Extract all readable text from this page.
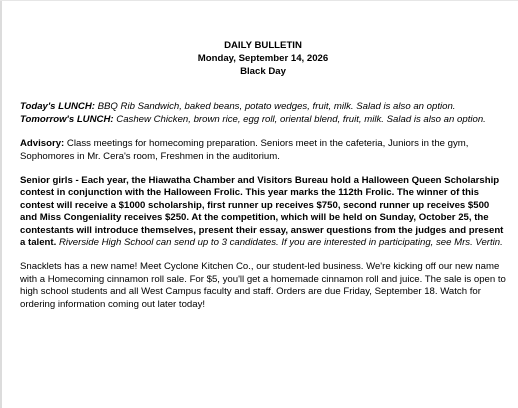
DAILY BULLETIN
Monday, September 14, 2026
Black Day

Today's LUNCH: BBQ Rib Sandwich, baked beans, potato wedges, fruit, milk. Salad is also an option.
Tomorrow's LUNCH: Cashew Chicken, brown rice, egg roll, oriental blend, fruit, milk. Salad is also an option.

Advisory: Class meetings for homecoming preparation. Seniors meet in the cafeteria, Juniors in the gym, Sophomores in Mr. Cera's room, Freshmen in the auditorium.

Senior girls - Each year, the Hiawatha Chamber and Visitors Bureau hold a Halloween Queen Scholarship contest in conjunction with the Halloween Frolic. This year marks the 112th Frolic. The winner of this contest will receive a $1000 scholarship, first runner up receives $750, second runner up receives $500 and Miss Congeniality receives $250. At the competition, which will be held on Sunday, October 25, the contestants will introduce themselves, present their essay, answer questions from the judges and present a talent. Riverside High School can send up to 3 candidates. If you are interested in participating, see Mrs. Vertin.

Snacklets has a new name! Meet Cyclone Kitchen Co., our student-led business. We're kicking off our new name with a Homecoming cinnamon roll sale. For $5, you'll get a homemade cinnamon roll and juice. The sale is open to high school students and all West Campus faculty and staff. Orders are due Friday, September 18. Watch for ordering information coming out later today!
